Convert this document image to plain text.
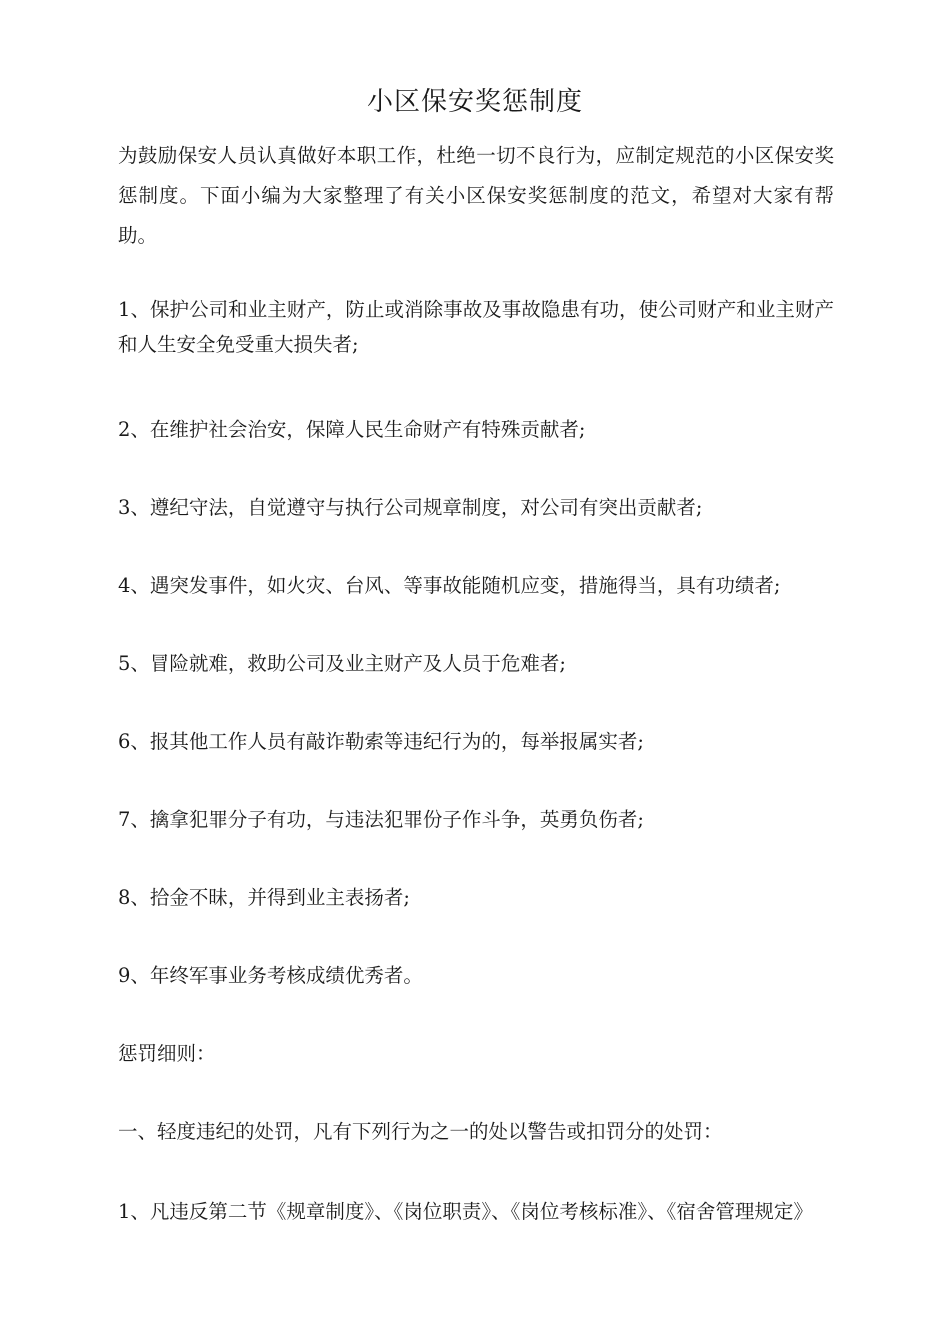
小区保安奖惩制度
为鼓励保安人员认真做好本职工作，杜绝一切不良行为，应制定规范的小区保安奖惩制度。下面小编为大家整理了有关小区保安奖惩制度的范文，希望对大家有帮助。
1、保护公司和业主财产，防止或消除事故及事故隐患有功，使公司财产和业主财产和人生安全免受重大损失者;
2、在维护社会治安，保障人民生命财产有特殊贡献者;
3、遵纪守法，自觉遵守与执行公司规章制度，对公司有突出贡献者;
4、遇突发事件，如火灾、台风、等事故能随机应变，措施得当，具有功绩者;
5、冒险就难，救助公司及业主财产及人员于危难者;
6、报其他工作人员有敲诈勒索等违纪行为的，每举报属实者;
7、擒拿犯罪分子有功，与违法犯罪份子作斗争，英勇负伤者;
8、拾金不昧，并得到业主表扬者;
9、年终军事业务考核成绩优秀者。
惩罚细则：
一、轻度违纪的处罚，凡有下列行为之一的处以警告或扣罚分的处罚：
1、凡违反第二节《规章制度》、《岗位职责》、《岗位考核标准》、《宿舍管理规定》
